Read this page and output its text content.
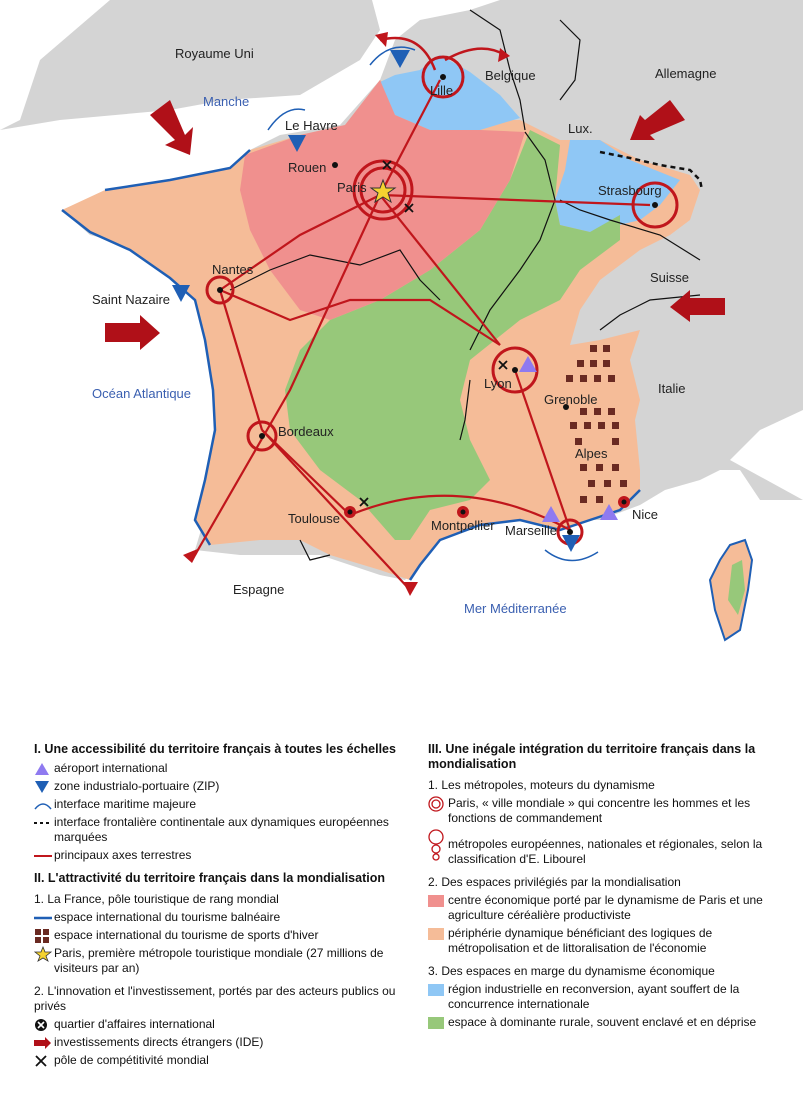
Royaume Uni
Belgique	Allemagne
Lux.
Suisse
Italie
Espagne
Manche
Océan Atlantique
Mer Méditerranée
Lille
Le Havre
Rouen
Paris	Strasbourg
Nantes
Saint Nazaire
Lyon
Grenoble
Bordeaux
Toulouse	Montpellier Marseille
Nice
Alpes
I. Une accessibilité du territoire français à toutes les échelles
aéroport international
zone industrialo-portuaire (ZIP)
interface maritime majeure
interface frontalière continentale aux dynamiques européennes marquées
principaux axes terrestres
II. L'attractivité du territoire français dans la mondialisation
1. La France, pôle touristique de rang mondial
espace international du tourisme balnéaire
espace international du tourisme de sports d'hiver
Paris, première métropole touristique mondiale (27 millions de visiteurs par an)
2. L'innovation et l'investissement, portés par des acteurs publics ou privés
quartier d'affaires international
investissements directs étrangers (IDE)
pôle de compétitivité mondial
III. Une inégale intégration du territoire français dans la mondialisation
1. Les métropoles, moteurs du dynamisme
Paris, « ville mondiale » qui concentre les hommes et les fonctions de commandement
métropoles européennes, nationales et régionales, selon la classification d'E. Libourel
2. Des espaces privilégiés par la mondialisation
centre économique porté par le dynamisme de Paris et une agriculture céréalière productiviste
périphérie dynamique bénéficiant des logiques de métropolisation et de littoralisation de l'économie
3. Des espaces en marge du dynamisme économique
région industrielle en reconversion, ayant souffert de la concurrence internationale
espace à dominante rurale, souvent enclavé et en déprise
